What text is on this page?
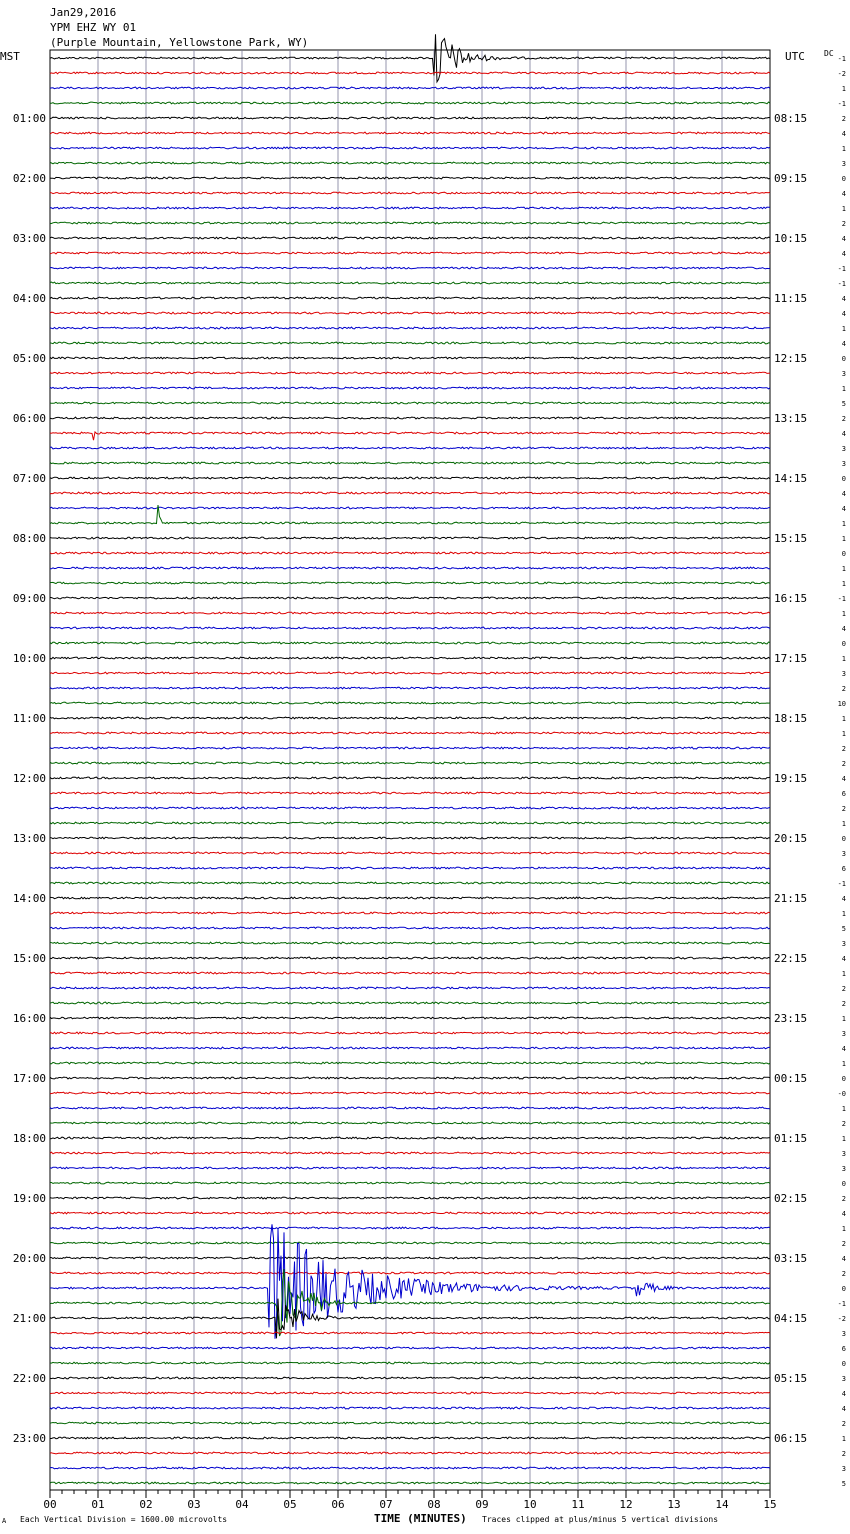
Jan29,2016
YPM EHZ WY 01
(Purple Mountain, Yellowstone Park, WY)
MST	UTC DC
-1
-2
1
-1
2
4
1
3
0
4
1
2
4
4
-1
-1
4
4
1
4
0
3
1
5
2
4
3
3
0
4
4
1
1
0
1
1
-1
1
4
0
1
3
2
10
1
1
2
2
4
6
2
1
0
3
6
-1
4
1
5
3
4
1
2
2
1
3
4
1
0
-0
1
2
1
3
3
0
2
4
1
2
4
2
0
-1
-2
3
6
0
3
4
4
2
1
2
3
5
01:00
02:00
03:00
04:00
05:00
06:00
07:00
08:00
09:00
10:00
11:00
12:00
13:00
14:00
15:00
16:00
17:00
18:00
19:00
20:00
21:00
22:00
23:00
08:15
09:15
10:15
11:15
12:15
13:15
14:15
15:15
16:15
17:15
18:15
19:15
20:15
21:15
22:15
23:15
00:15
01:15
02:15
03:15
04:15
05:15
06:15
00	01	02	03	04	05	06	07	08	09	10	11	12	13	14	15
A Each Vertical Division = 1600.00 microvolts	TIME (MINUTES) Traces clipped at plus/minus 5 vertical divisions
